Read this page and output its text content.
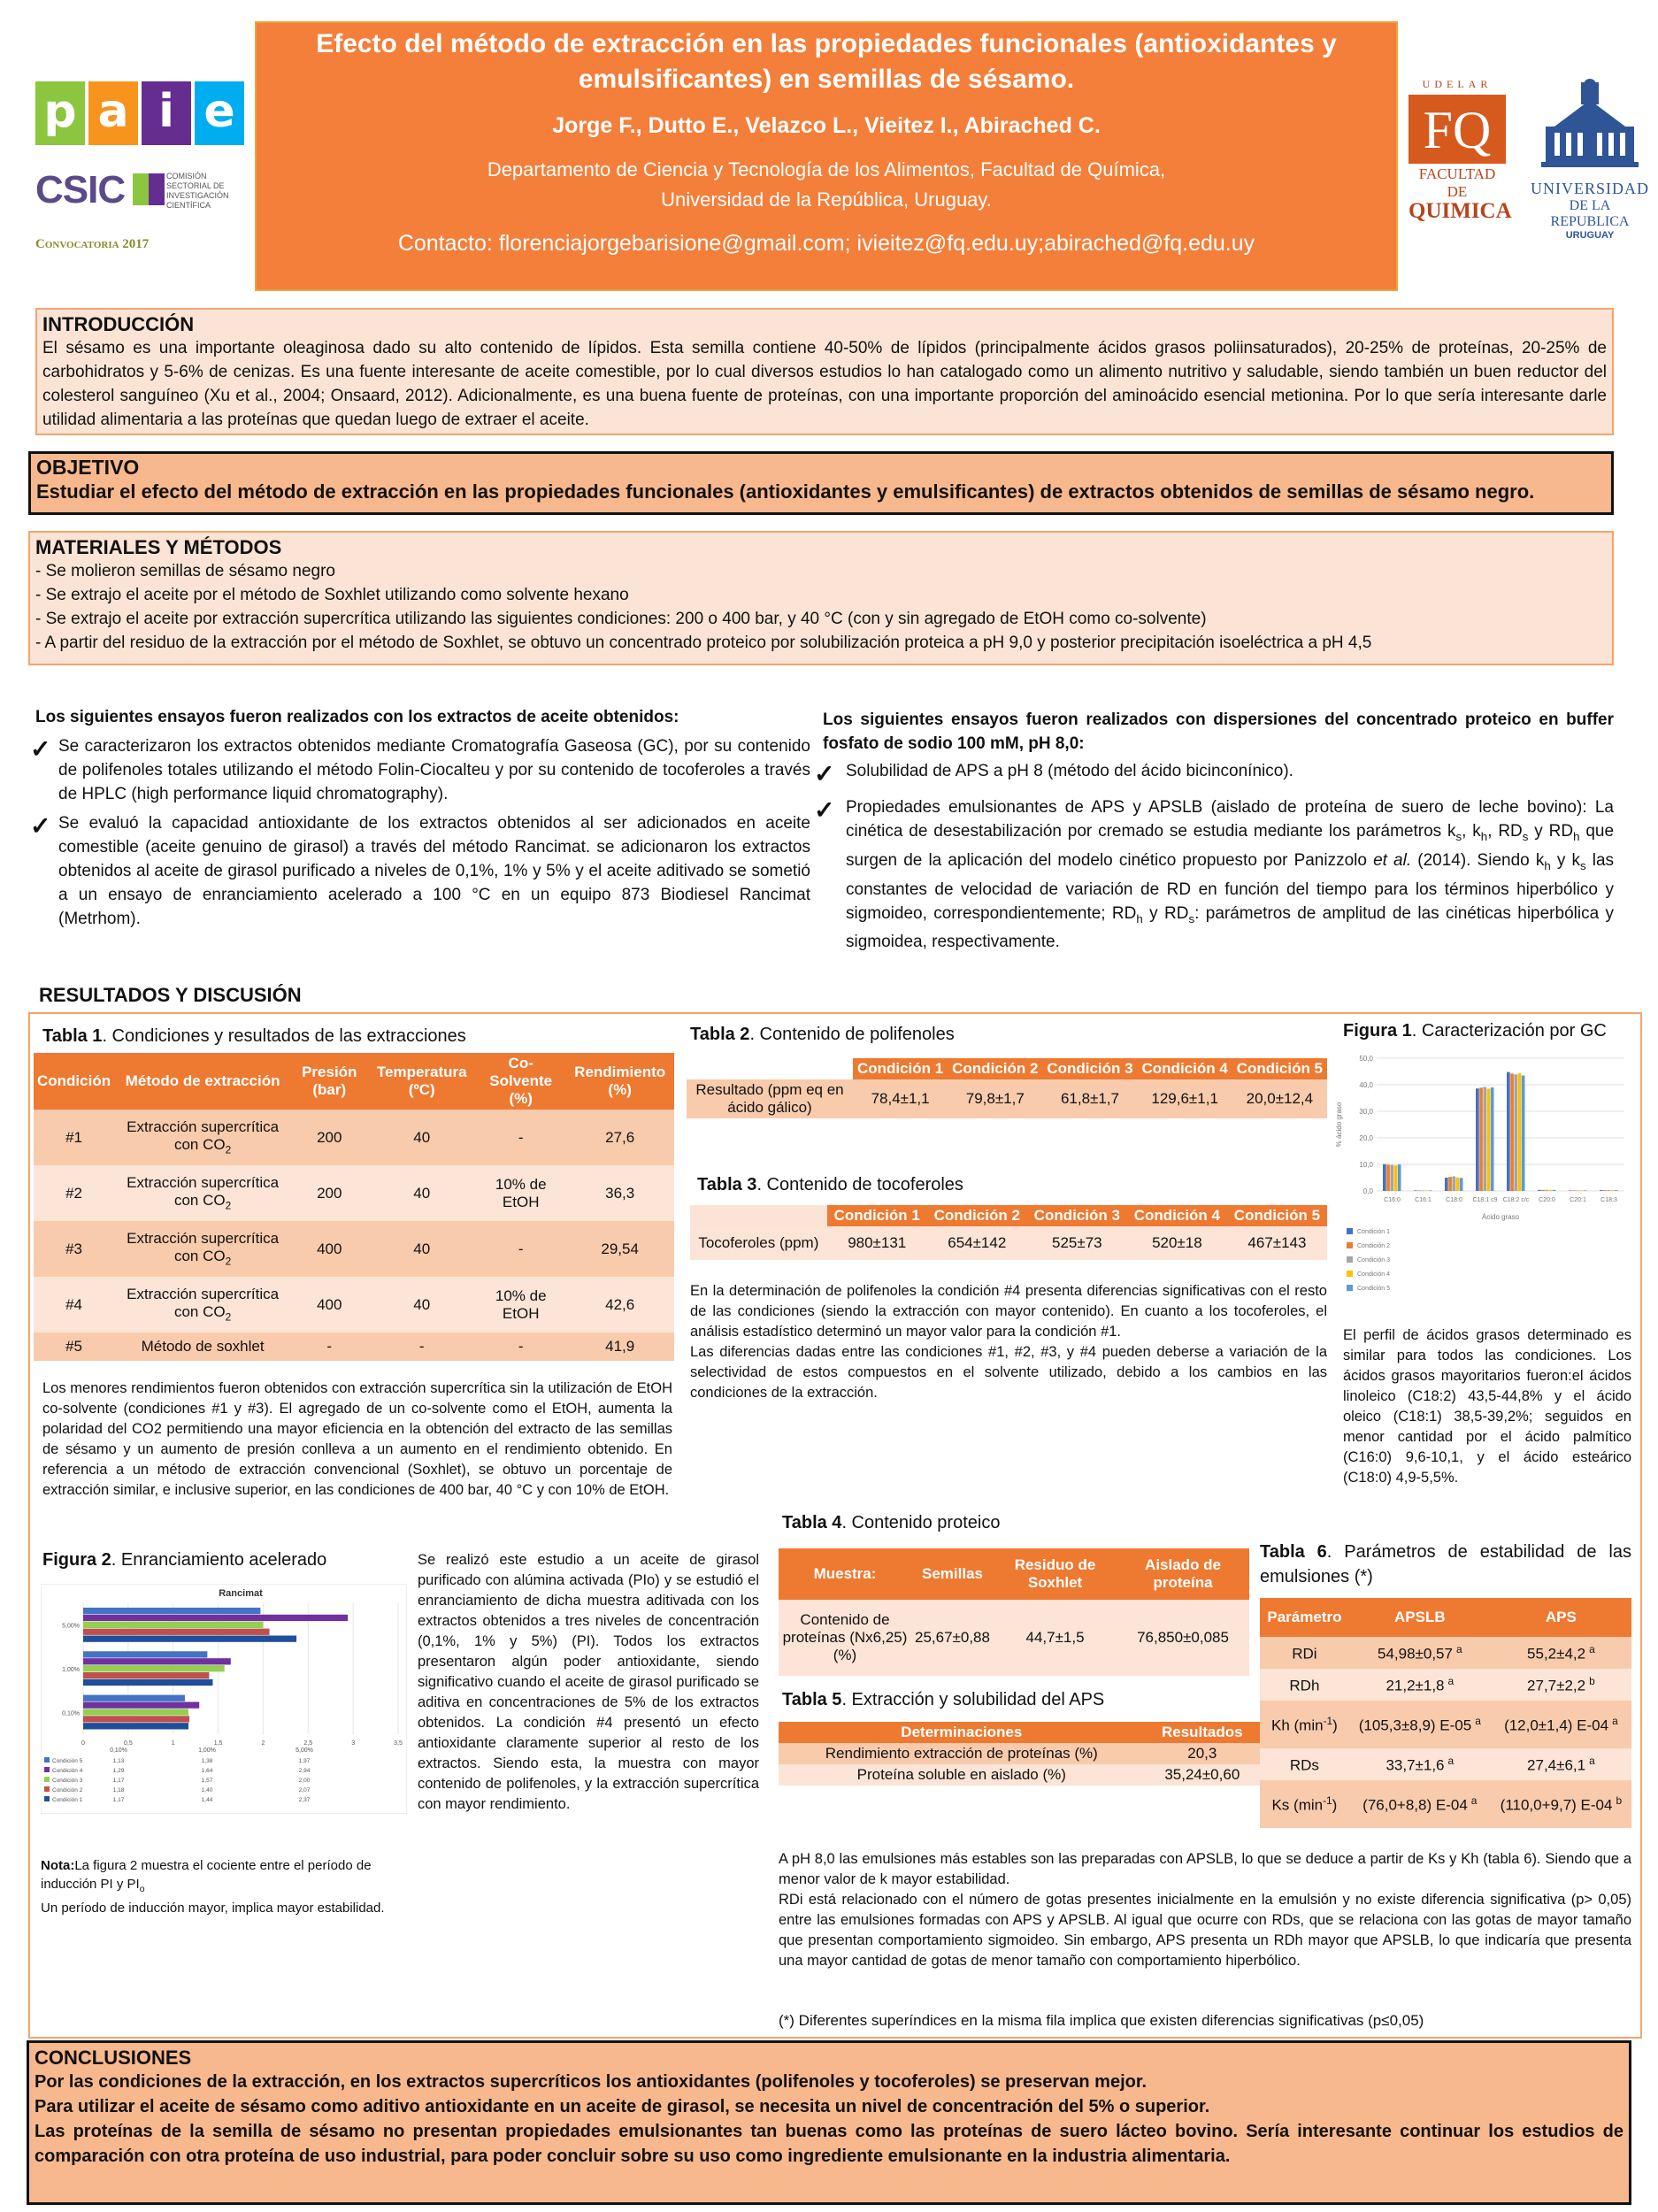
p a i e
CSIC	COMISIÓN
SECTORIAL DE
INVESTIGACIÓN
CIENTÍFICA
Convocatoria 2017
Efecto del método de extracción en las propiedades funcionales (antioxidantes y emulsificantes) en semillas de sésamo.
Jorge F., Dutto E., Velazco L., Vieitez I., Abirached C.
Departamento de Ciencia y Tecnología de los Alimentos, Facultad de Química,
Universidad de la República, Uruguay.
Contacto: florenciajorgebarisione@gmail.com; ivieitez@fq.edu.uy;abirached@fq.edu.uy
UDELAR
FQ
FACULTAD DE
QUIMICA
UNIVERSIDAD
DE LA REPUBLICA
URUGUAY
INTRODUCCIÓN

El sésamo es una importante oleaginosa dado su alto contenido de lípidos. Esta semilla contiene 40-50% de lípidos (principalmente ácidos grasos poliinsaturados), 20-25% de proteínas, 20-25% de carbohidratos y 5-6% de cenizas. Es una fuente interesante de aceite comestible, por lo cual diversos estudios lo han catalogado como un alimento nutritivo y saludable, siendo también un buen reductor del colesterol sanguíneo (Xu et al., 2004; Onsaard, 2012). Adicionalmente, es una buena fuente de proteínas, con una importante proporción del aminoácido esencial metionina. Por lo que sería interesante darle utilidad alimentaria a las proteínas que quedan luego de extraer el aceite.

OBJETIVO

Estudiar el efecto del método de extracción en las propiedades funcionales (antioxidantes y emulsificantes) de extractos obtenidos de semillas de sésamo negro.

MATERIALES Y MÉTODOS

- Se molieron semillas de sésamo negro

- Se extrajo el aceite por el método de Soxhlet utilizando como solvente hexano

- Se extrajo el aceite por extracción supercrítica utilizando las siguientes condiciones: 200 o 400 bar, y 40 °C (con y sin agregado de EtOH como co-solvente)

- A partir del residuo de la extracción por el método de Soxhlet, se obtuvo un concentrado proteico por solubilización proteica a pH 9,0 y posterior precipitación isoeléctrica a pH 4,5

Los siguientes ensayos fueron realizados con los extractos de aceite obtenidos:

✓ Se caracterizaron los extractos obtenidos mediante Cromatografía Gaseosa (GC), por su contenido de polifenoles totales utilizando el método Folin-Ciocalteu y por su contenido de tocoferoles a través de HPLC (high performance liquid chromatography).

✓ Se evaluó la capacidad antioxidante de los extractos obtenidos al ser adicionados en aceite comestible (aceite genuino de girasol) a través del método Rancimat. se adicionaron los extractos obtenidos al aceite de girasol purificado a niveles de 0,1%, 1% y 5% y el aceite aditivado se sometió a un ensayo de enranciamiento acelerado a 100 °C en un equipo 873 Biodiesel Rancimat (Metrhom).

Los siguientes ensayos fueron realizados con dispersiones del concentrado proteico en buffer fosfato de sodio 100 mM, pH 8,0:

✓ Solubilidad de APS a pH 8 (método del ácido bicinconínico).

✓ Propiedades emulsionantes de APS y APSLB (aislado de proteína de suero de leche bovino): La cinética de desestabilización por cremado se estudia mediante los parámetros $k_s$, $k_h$, $RD_s$ y $RD_h$ que surgen de la aplicación del modelo cinético propuesto por Panizzolo et al. (2014). Siendo $k_h$ y $k_s$ las constantes de velocidad de variación de RD en función del tiempo para los términos hiperbólico y sigmoideo, correspondientemente; $RD_h$ y $RD_s$: parámetros de amplitud de las cinéticas hiperbólica y sigmoidea, respectivamente.

RESULTADOS Y DISCUSIÓN
Tabla 1. Condiciones y resultados de las extracciones
Condición	Método de extracción	Presión (bar)	Temperatura (ºC)	Co-Solvente (%)	Rendimiento (%)
#1	Extracción supercrítica con $CO_2$	200	40	-	27,6
#2	Extracción supercrítica con $CO_2$	200	40	10% de EtOH	36,3
#3	Extracción supercrítica con $CO_2$	400	40	-	29,54
#4	Extracción supercrítica con $CO_2$	400	40	10% de EtOH	42,6
#5	Método de soxhlet	-	-	-	41,9

Los menores rendimientos fueron obtenidos con extracción supercrítica sin la utilización de EtOH co-solvente (condiciones #1 y #3). El agregado de un co-solvente como el EtOH, aumenta la polaridad del CO2 permitiendo una mayor eficiencia en la obtención del extracto de las semillas de sésamo y un aumento de presión conlleva a un aumento en el rendimiento obtenido. En referencia a un método de extracción convencional (Soxhlet), se obtuvo un porcentaje de extracción similar, e inclusive superior, en las condiciones de 400 bar, 40 °C y con 10% de EtOH.

Tabla 2. Contenido de polifenoles
	Condición 1	Condición 2	Condición 3	Condición 4	Condición 5
Resultado (ppm eq en ácido gálico)	78,4±1,1	79,8±1,7	61,8±1,7	129,6±1,1	20,0±12,4
Tabla 3. Contenido de tocoferoles
	Condición 1	Condición 2	Condición 3	Condición 4	Condición 5
Tocoferoles (ppm)	980±131	654±142	525±73	520±18	467±143

En la determinación de polifenoles la condición #4 presenta diferencias significativas con el resto de las condiciones (siendo la extracción con mayor contenido). En cuanto a los tocoferoles, el análisis estadístico determinó un mayor valor para la condición #1.

Las diferencias dadas entre las condiciones #1, #2, #3, y #4 pueden deberse a variación de la selectividad de estos compuestos en el solvente utilizado, debido a los cambios en las condiciones de la extracción.

Figura 1. Caracterización por GC
0,0
10,0
20,0
30,0
40,0
50,0
% ácido graso
C16:0 C16:1 C18:0 C18:1 c9 C18:2 c/c C20:0 C20:1 C18:3
Ácido graso
Condición 1
Condición 2
Condición 3
Condición 4
Condición 5

El perfil de ácidos grasos determinado es similar para todos las condiciones. Los ácidos grasos mayoritarios fueron:el ácidos linoleico (C18:2) 43,5-44,8% y el ácido oleico (C18:1) 38,5-39,2%; seguidos en menor cantidad por el ácido palmítico (C16:0) 9,6-10,1, y el ácido esteárico (C18:0) 4,9-5,5%.

Figura 2. Enranciamiento acelerado
Rancimat
0	0,5	1	1,5	2	2,5	3	3,5
0,10%
1,00%
5,00%
0,10%	1,00%	5,00%
Condición 5	1,13	1,38	1,97
Condición 4	1,29	1,64	2,94
Condición 3	1,17	1,57	2,00
Condición 2	1,18	1,40	2,07
Condición 1	1,17	1,44	2,37
Nota:La figura 2 muestra el cociente entre el período de inducción PI y $PI_o$
Un período de inducción mayor, implica mayor estabilidad.

Se realizó este estudio a un aceite de girasol purificado con alúmina activada (PIo) y se estudió el enranciamiento de dicha muestra aditivada con los extractos obtenidos a tres niveles de concentración (0,1%, 1% y 5%) (PI). Todos los extractos presentaron algún poder antioxidante, siendo significativo cuando el aceite de girasol purificado se aditiva en concentraciones de 5% de los extractos obtenidos. La condición #4 presentó un efecto antioxidante claramente superior al resto de los extractos. Siendo esta, la muestra con mayor contenido de polifenoles, y la extracción supercrítica con mayor rendimiento.

Tabla 4. Contenido proteico
Muestra:	Semillas	Residuo de Soxhlet	Aislado de proteína
Contenido de proteínas (Nx6,25) (%)	25,67±0,88	44,7±1,5	76,850±0,085
Tabla 5. Extracción y solubilidad del APS
Determinaciones	Resultados
Rendimiento extracción de proteínas (%)	20,3
Proteína soluble en aislado (%)	35,24±0,60
Tabla 6. Parámetros de estabilidad de las emulsiones (*)
Parámetro	APSLB	APS
RDi	54,98±0,57 $^a$	55,2±4,2 $^a$
RDh	21,2±1,8 $^a$	27,7±2,2 $^b$
Kh $(\min^{-1})$	(105,3±8,9) E-05 $^a$	(12,0±1,4) E-04 $^a$
RDs	33,7±1,6 $^a$	27,4±6,1 $^a$
Ks $(\min^{-1})$	(76,0+8,8) E-04 $^a$	(110,0+9,7) E-04 $^b$

A pH 8,0 las emulsiones más estables son las preparadas con APSLB, lo que se deduce a partir de Ks y Kh (tabla 6). Siendo que a menor valor de k mayor estabilidad.

RDi está relacionado con el número de gotas presentes inicialmente en la emulsión y no existe diferencia significativa (p> 0,05) entre las emulsiones formadas con APS y APSLB. Al igual que ocurre con RDs, que se relaciona con las gotas de mayor tamaño que presentan comportamiento sigmoideo. Sin embargo, APS presenta un RDh mayor que APSLB, lo que indicaría que presenta una mayor cantidad de gotas de menor tamaño con comportamiento hiperbólico.

(*) Diferentes superíndices en la misma fila implica que existen diferencias significativas (p≤0,05)

CONCLUSIONES

Por las condiciones de la extracción, en los extractos supercríticos los antioxidantes (polifenoles y tocoferoles) se preservan mejor.

Para utilizar el aceite de sésamo como aditivo antioxidante en un aceite de girasol, se necesita un nivel de concentración del 5% o superior.

Las proteínas de la semilla de sésamo no presentan propiedades emulsionantes tan buenas como las proteínas de suero lácteo bovino. Sería interesante continuar los estudios de comparación con otra proteína de uso industrial, para poder concluir sobre su uso como ingrediente emulsionante en la industria alimentaria.
